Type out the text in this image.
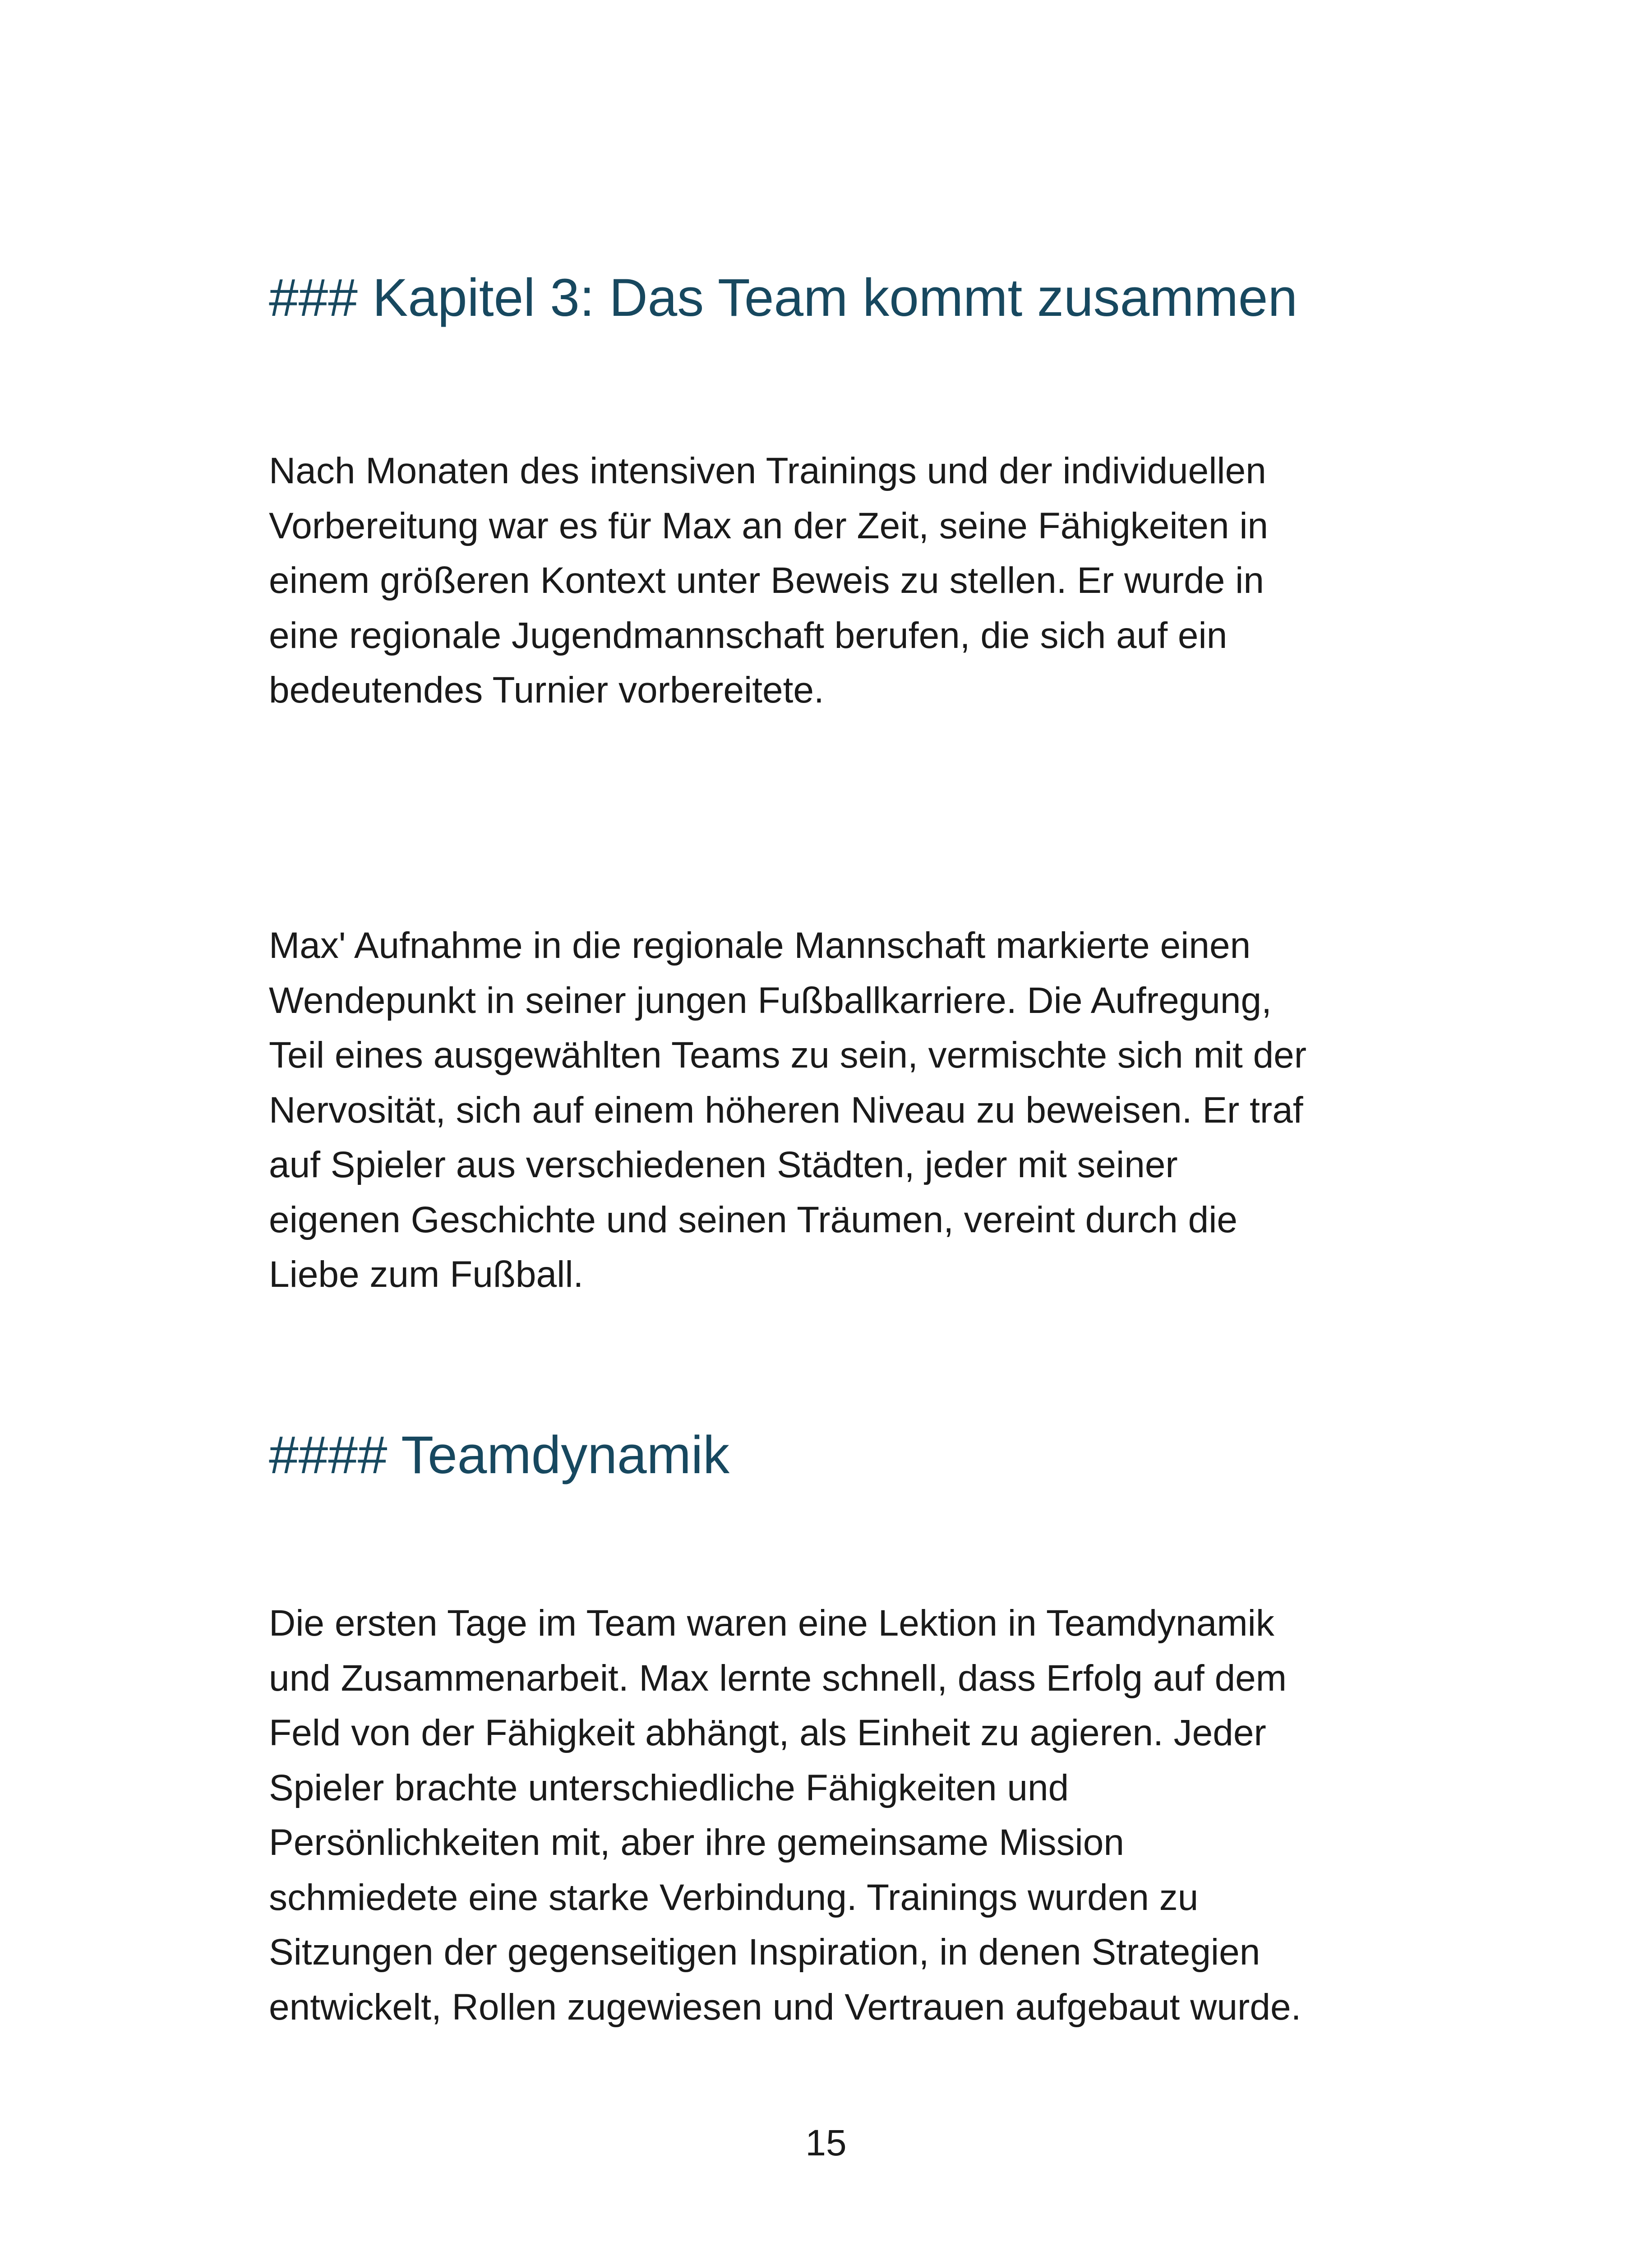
### Kapitel 3: Das Team kommt zusammen

Nach Monaten des intensiven Trainings und der individuellen
Vorbereitung war es für Max an der Zeit, seine Fähigkeiten in
einem größeren Kontext unter Beweis zu stellen. Er wurde in
eine regionale Jugendmannschaft berufen, die sich auf ein
bedeutendes Turnier vorbereitete.

Max' Aufnahme in die regionale Mannschaft markierte einen
Wendepunkt in seiner jungen Fußballkarriere. Die Aufregung,
Teil eines ausgewählten Teams zu sein, vermischte sich mit der
Nervosität, sich auf einem höheren Niveau zu beweisen. Er traf
auf Spieler aus verschiedenen Städten, jeder mit seiner
eigenen Geschichte und seinen Träumen, vereint durch die
Liebe zum Fußball.

#### Teamdynamik

Die ersten Tage im Team waren eine Lektion in Teamdynamik
und Zusammenarbeit. Max lernte schnell, dass Erfolg auf dem
Feld von der Fähigkeit abhängt, als Einheit zu agieren. Jeder
Spieler brachte unterschiedliche Fähigkeiten und
Persönlichkeiten mit, aber ihre gemeinsame Mission
schmiedete eine starke Verbindung. Trainings wurden zu
Sitzungen der gegenseitigen Inspiration, in denen Strategien
entwickelt, Rollen zugewiesen und Vertrauen aufgebaut wurde.

15
